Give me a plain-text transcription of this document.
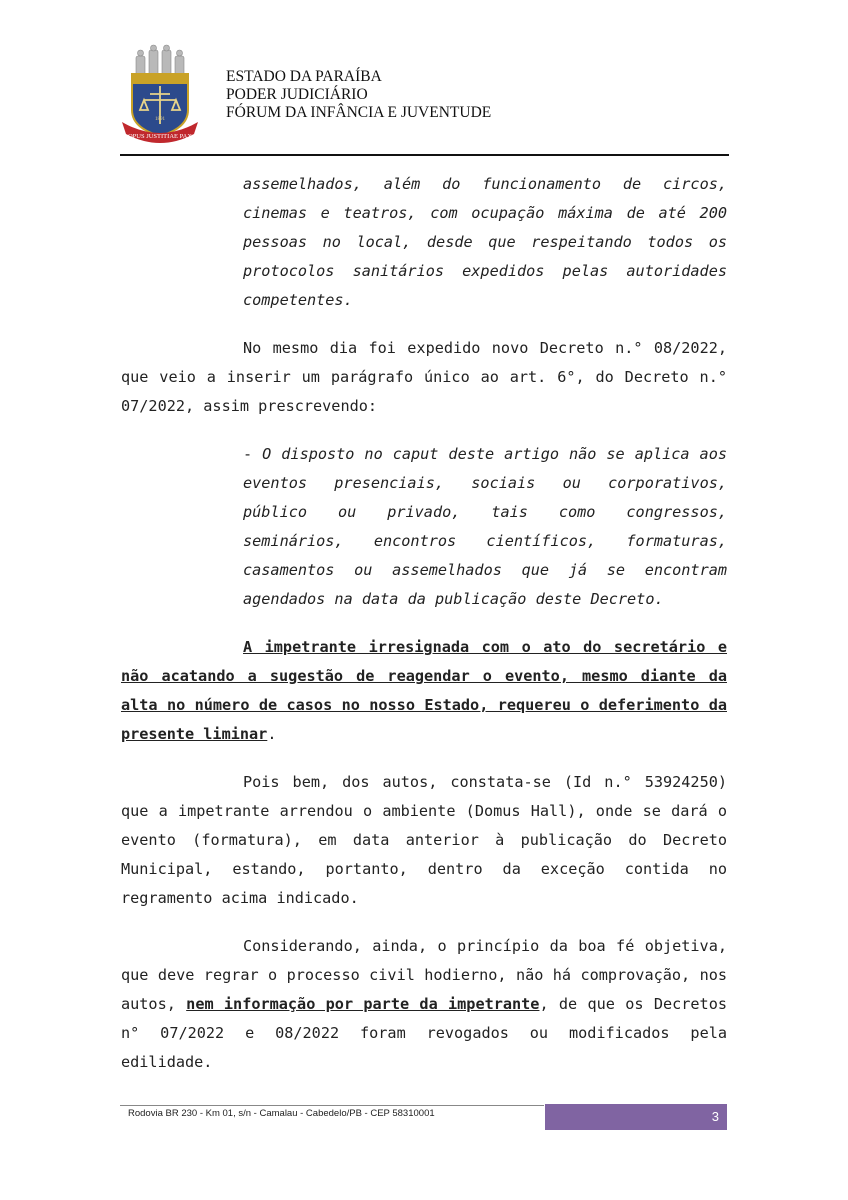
OPUS JUSTITIAE PAX
1891
ESTADO DA PARAÍBA
PODER JUDICIÁRIO
FÓRUM DA INFÂNCIA E JUVENTUDE

assemelhados, além do funcionamento de circos, cinemas e teatros, com ocupação máxima de até 200 pessoas no local, desde que respeitando todos os protocolos sanitários expedidos pelas autoridades competentes.

No mesmo dia foi expedido novo Decreto n.° 08/2022, que veio a inserir um parágrafo único ao art. 6°, do Decreto n.° 07/2022, assim prescrevendo:

- O disposto no caput deste artigo não se aplica aos eventos presenciais, sociais ou corporativos, público ou privado, tais como congressos, seminários, encontros científicos, formaturas, casamentos ou assemelhados que já se encontram agendados na data da publicação deste Decreto.

A impetrante irresignada com o ato do secretário e não acatando a sugestão de reagendar o evento, mesmo diante da alta no número de casos no nosso Estado, requereu o deferimento da presente liminar.

Pois bem, dos autos, constata-se (Id n.° 53924250) que a impetrante arrendou o ambiente (Domus Hall), onde se dará o evento (formatura), em data anterior à publicação do Decreto Municipal, estando, portanto, dentro da exceção contida no regramento acima indicado.

Considerando, ainda, o princípio da boa fé objetiva, que deve regrar o processo civil hodierno, não há comprovação, nos autos, nem informação por parte da impetrante, de que os Decretos n° 07/2022 e 08/2022 foram revogados ou modificados pela edilidade.

Rodovia BR 230 - Km 01, s/n - Camalau - Cabedelo/PB - CEP 58310001	3
